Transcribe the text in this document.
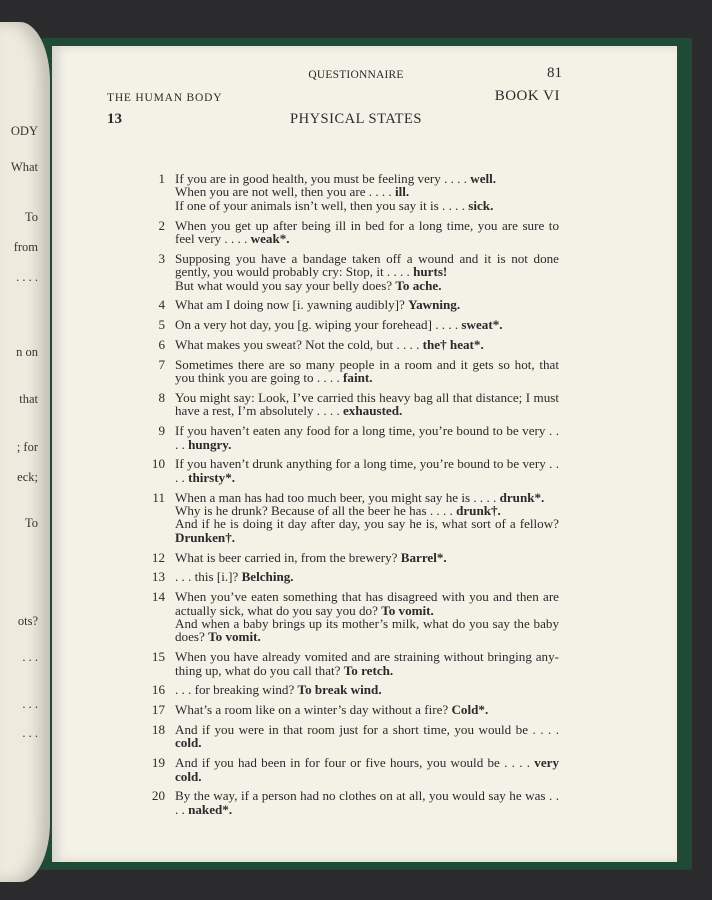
ODY
What
To
from
. . . .
n on
that
; for
eck;
To
ots?
. . .
. . .
. . .
QUESTIONNAIRE	81
THE HUMAN BODY	BOOK VI
13	PHYSICAL STATES
1 If you are in good health, you must be feeling very . . . . well.
When you are not well, then you are . . . . ill.
If one of your animals isn’t well, then you say it is . . . . sick.
2 When you get up after being ill in bed for a long time, you are sure to feel very . . . . weak*.
3 Supposing you have a bandage taken off a wound and it is not done gently, you would probably cry: Stop, it . . . . hurts!
But what would you say your belly does? To ache.
4 What am I doing now [i. yawning audibly]? Yawning.
5 On a very hot day, you [g. wiping your forehead] . . . . sweat*.
6 What makes you sweat? Not the cold, but . . . . the† heat*.
7 Sometimes there are so many people in a room and it gets so hot, that you think you are going to . . . . faint.
8 You might say: Look, I’ve carried this heavy bag all that distance; I must have a rest, I’m absolutely . . . . exhausted.
9 If you haven’t eaten any food for a long time, you’re bound to be very . . . . hungry.
10 If you haven’t drunk anything for a long time, you’re bound to be very . . . . thirsty*.
11 When a man has had too much beer, you might say he is . . . . drunk*.
Why is he drunk? Because of all the beer he has . . . . drunk†.
And if he is doing it day after day, you say he is, what sort of a fellow? Drunken†.
12 What is beer carried in, from the brewery? Barrel*.
13 . . . this [i.]? Belching.
14 When you’ve eaten something that has disagreed with you and then are actually sick, what do you say you do? To vomit.
And when a baby brings up its mother’s milk, what do you say the baby does? To vomit.
15 When you have already vomited and are straining without bringing any-thing up, what do you call that? To retch.
16 . . . for breaking wind? To break wind.
17 What’s a room like on a winter’s day without a fire? Cold*.
18 And if you were in that room just for a short time, you would be . . . . cold.
19 And if you had been in for four or five hours, you would be . . . . very cold.
20 By the way, if a person had no clothes on at all, you would say he was . . . . naked*.
